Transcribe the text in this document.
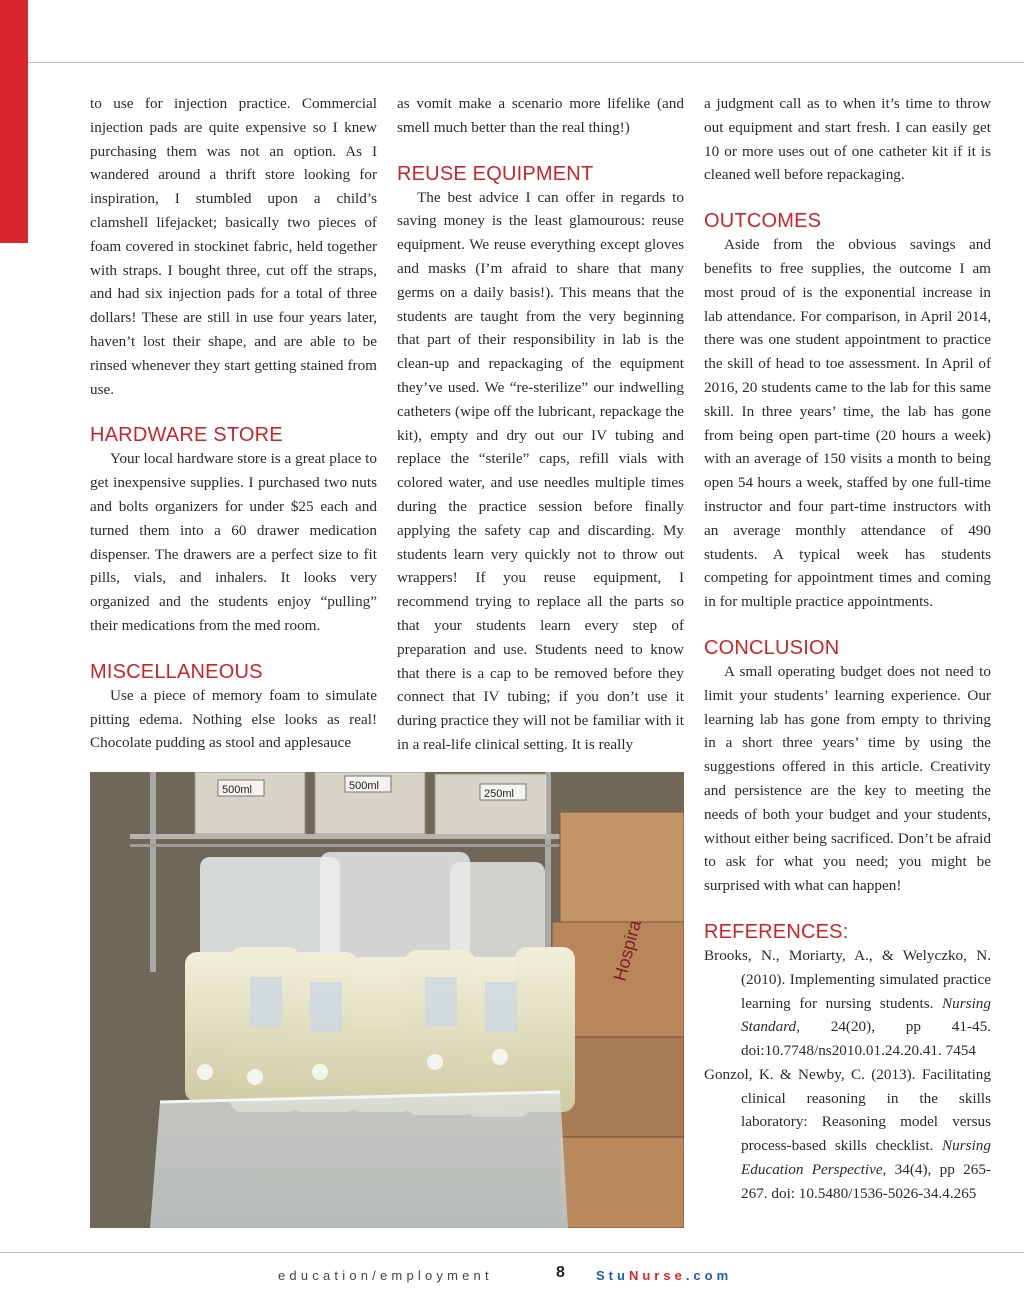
to use for injection practice. Commercial injection pads are quite expensive so I knew purchasing them was not an option. As I wandered around a thrift store looking for inspiration, I stumbled upon a child’s clamshell lifejacket; basically two pieces of foam covered in stockinet fabric, held together with straps. I bought three, cut off the straps, and had six injection pads for a total of three dollars! These are still in use four years later, haven’t lost their shape, and are able to be rinsed whenever they start getting stained from use.

HARDWARE STORE

Your local hardware store is a great place to get inexpensive supplies. I purchased two nuts and bolts organizers for under $25 each and turned them into a 60 drawer medication dispenser. The drawers are a perfect size to fit pills, vials, and inhalers. It looks very organized and the students enjoy “pulling” their medications from the med room.

MISCELLANEOUS

Use a piece of memory foam to simulate pitting edema. Nothing else looks as real! Chocolate pudding as stool and applesauce

as vomit make a scenario more lifelike (and smell much better than the real thing!)

REUSE EQUIPMENT

The best advice I can offer in regards to saving money is the least glamourous: reuse equipment. We reuse everything except gloves and masks (I’m afraid to share that many germs on a daily basis!). This means that the students are taught from the very beginning that part of their responsibility in lab is the clean-up and repackaging of the equipment they’ve used. We “re-sterilize” our indwelling catheters (wipe off the lubricant, repackage the kit), empty and dry out our IV tubing and replace the “sterile” caps, refill vials with colored water, and use needles multiple times during the practice session before finally applying the safety cap and discarding. My students learn very quickly not to throw out wrappers! If you reuse equipment, I recommend trying to replace all the parts so that your students learn every step of preparation and use. Students need to know that there is a cap to be removed before they connect that IV tubing; if you don’t use it during practice they will not be familiar with it in a real-life clinical setting. It is really

a judgment call as to when it’s time to throw out equipment and start fresh. I can easily get 10 or more uses out of one catheter kit if it is cleaned well before repackaging.

OUTCOMES

Aside from the obvious savings and benefits to free supplies, the outcome I am most proud of is the exponential increase in lab attendance. For comparison, in April 2014, there was one student appointment to practice the skill of head to toe assessment. In April of 2016, 20 students came to the lab for this same skill. In three years’ time, the lab has gone from being open part-time (20 hours a week) with an average of 150 visits a month to being open 54 hours a week, staffed by one full-time instructor and four part-time instructors with an average monthly attendance of 490 students. A typical week has students competing for appointment times and coming in for multiple practice appointments.

CONCLUSION

A small operating budget does not need to limit your students’ learning experience. Our learning lab has gone from empty to thriving in a short three years’ time by using the suggestions offered in this article. Creativity and persistence are the key to meeting the needs of both your budget and your students, without either being sacrificed. Don’t be afraid to ask for what you need; you might be surprised with what can happen!

REFERENCES:

Brooks, N., Moriarty, A., & Welyczko, N. (2010). Implementing simulated practice learning for nursing students. Nursing Standard, 24(20), pp 41-45. doi:10.7748/ns2010.01.24.20.41. 7454

Gonzol, K. & Newby, C. (2013). Facilitating clinical reasoning in the skills laboratory: Reasoning model versus process-based skills checklist. Nursing Education Perspective, 34(4), pp 265-267. doi: 10.5480/1536-5026-34.4.265

500ml	500ml
250ml
Hospira
education/employment	8 StuNurse.com
